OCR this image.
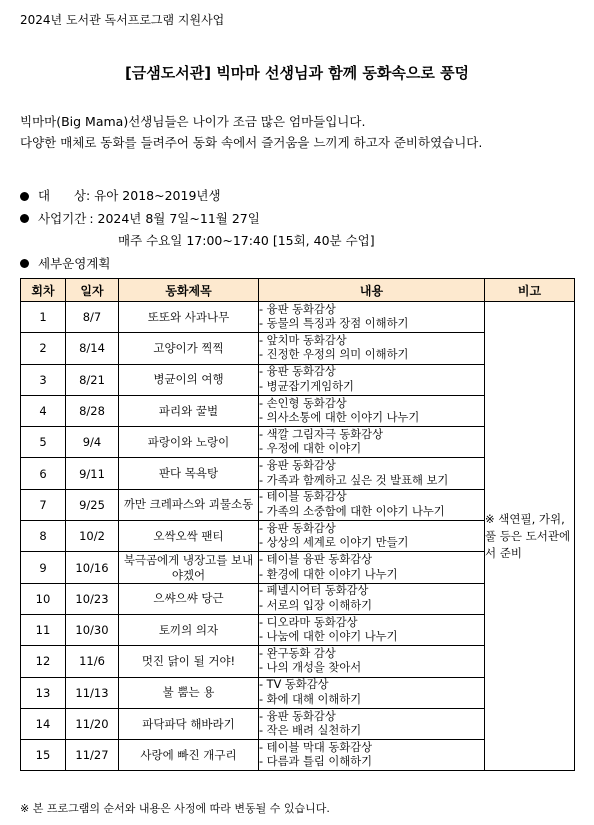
2024년 도서관 독서프로그램 지원사업
[금샘도서관] 빅마마 선생님과 함께 동화속으로 풍덩
빅마마(Big Mama)선생님들은 나이가 조금 많은 엄마들입니다.
다양한 매체로 동화를 들려주어 동화 속에서 즐거움을 느끼게 하고자 준비하였습니다.
대      상 : 유아 2018~2019년생
사업기간 : 2024년 8월 7일~11월 27일
매주 수요일 17:00~17:40 [15회, 40분 수업]
세부운영계획
회차	일자	동화제목	내용	비고
1	8/7	또또와 사과나무	- 융판 동화감상
- 동물의 특징과 장점 이해하기	※ 색연필, 가위, 풀 등은 도서관에서 준비
2	8/14	고양이가 찍찍	- 앞치마 동화감상
- 진정한 우정의 의미 이해하기	

3	8/21	병균이의 여행	- 융판 동화감상
- 병균잡기게임하기	

4	8/28	파리와 꿀벌	- 손인형 동화감상
- 의사소통에 대한 이야기 나누기	

5	9/4	파랑이와 노랑이	- 색깔 그림자극 동화감상
- 우정에 대한 이야기	

6	9/11	판다 목욕탕	- 융판 동화감상
- 가족과 함께하고 싶은 것 발표해 보기	

7	9/25	까만 크레파스와 괴물소동	- 테이블 동화감상
- 가족의 소중함에 대한 이야기 나누기	

8	10/2	오싹오싹 팬티	- 융판 동화감상
- 상상의 세계로 이야기 만들기	

9	10/16	북극곰에게 냉장고를 보내야겠어	- 테이블 융판 동화감상
- 환경에 대한 이야기 나누기	

10	10/23	으쌰으쌰 당근	- 페넬시어터 동화감상
- 서로의 입장 이해하기	

11	10/30	토끼의 의자	- 디오라마 동화감상
- 나눔에 대한 이야기 나누기	

12	11/6	멋진 닭이 될 거야!	- 완구동화 감상
- 나의 개성을 찾아서	

13	11/13	불 뿜는 용	- TV 동화감상
- 화에 대해 이해하기	

14	11/20	파닥파닥 해바라기	- 융판 동화감상
- 작은 배려 실천하기	

15	11/27	사랑에 빠진 개구리	- 테이블 막대 동화감상
- 다름과 틀림 이해하기	
※ 본 프로그램의 순서와 내용은 사정에 따라 변동될 수 있습니다.
